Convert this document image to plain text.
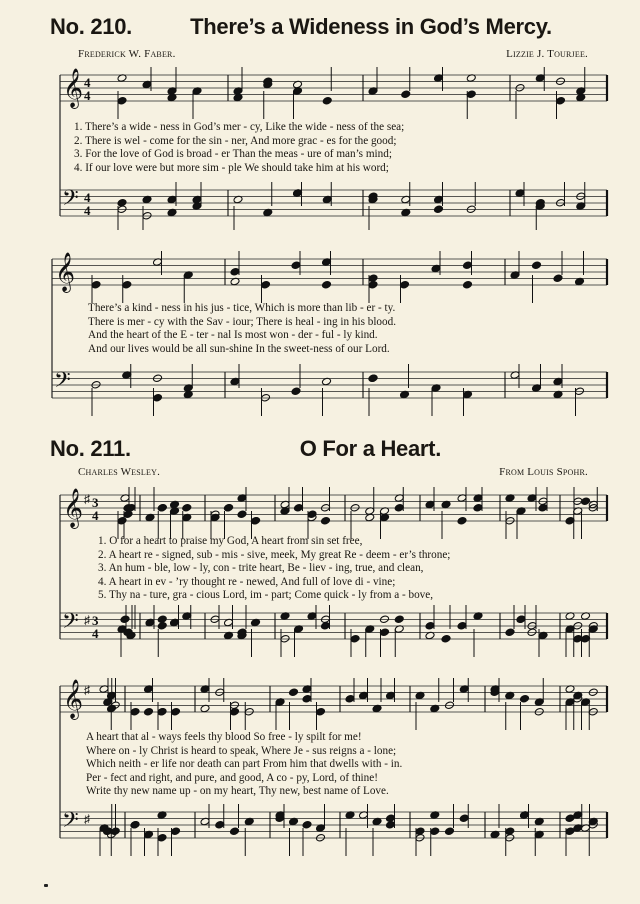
No. 210.	There’s a Wideness in God’s Mercy.
Frederick W. Faber.	Lizzie J. Tourjee.
𝄞
𝄢
4
4
4
4
1. There’s a wide - ness in God’s mer - cy, Like the wide - ness of the sea;
2. There is wel - come for the sin - ner, And more grac - es for the good;
3. For the love of God is broad - er Than the meas - ure of man’s mind;
4. If our love were but more sim - ple We should take him at his word;
𝄞
𝄢
There’s a kind - ness in his jus - tice, Which is more than lib - er - ty.
There is mer - cy with the Sav - iour; There is heal - ing in his blood.
And the heart of the E - ter - nal Is most won - der - ful - ly kind.
And our lives would be all sun-shine In the sweet-ness of our Lord.
No. 211.	O For a Heart.
Charles Wesley.	From Louis Spohr.
𝄞
𝄢
♯
♯
3
4
3
4
1. O for a heart to praise my God, A heart from sin set free,
2. A heart re - signed, sub - mis - sive, meek, My great Re - deem - er’s throne;
3. An hum - ble, low - ly, con - trite heart, Be - liev - ing, true, and clean,
4. A heart in ev - ’ry thought re - newed, And full of love di - vine;
5. Thy na - ture, gra - cious Lord, im - part; Come quick - ly from a - bove,
𝄞
𝄢
♯
♯
A heart that al - ways feels thy blood So free - ly spilt for me!
Where on - ly Christ is heard to speak, Where Je - sus reigns a - lone;
Which neith - er life nor death can part From him that dwells with - in.
Per - fect and right, and pure, and good, A co - py, Lord, of thine!
Write thy new name up - on my heart, Thy new, best name of Love.
